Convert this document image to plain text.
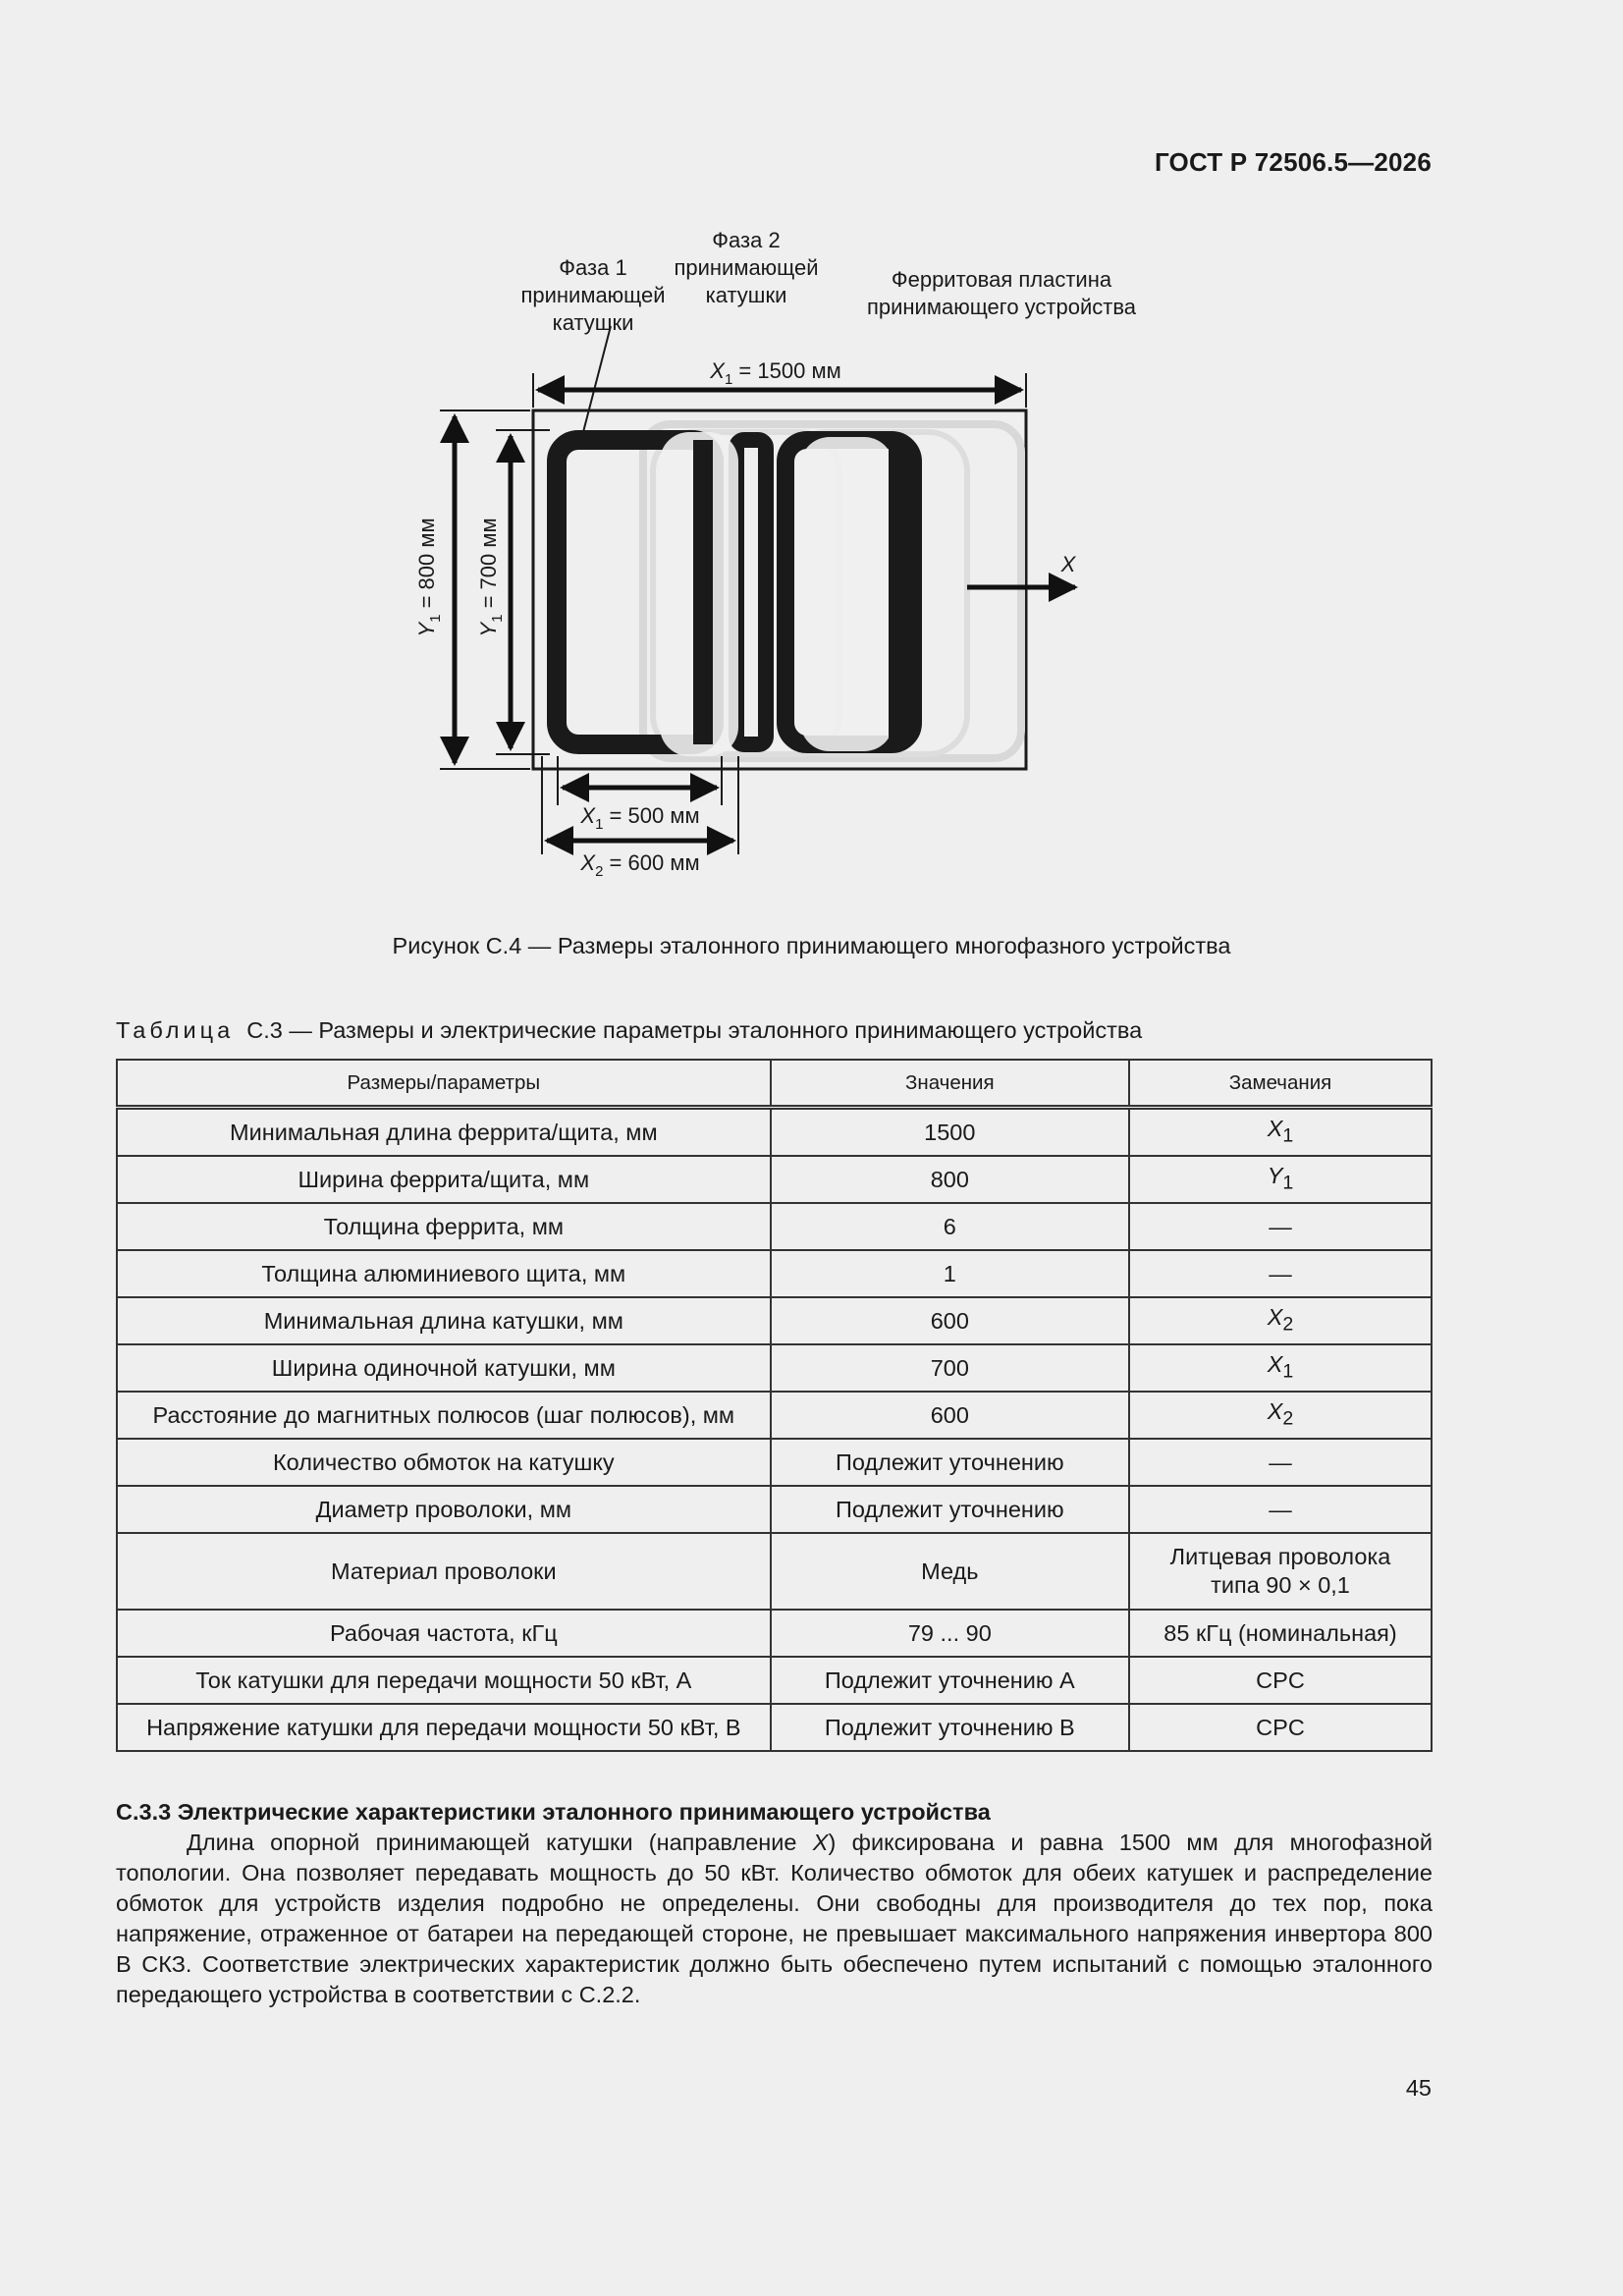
ГОСТ Р 72506.5—2026
Фаза 1 принимающей катушки
Фаза 2 принимающей катушки
Ферритовая пластина принимающего устройства
$X_1 = 1500$ мм
$X_1 = 500$ мм
$X_2 = 600$ мм
$Y_1 = 800$ мм
$Y_1 = 700$ мм	X
Рисунок С.4 — Размеры эталонного принимающего многофазного устройства
Таблица С.3 — Размеры и электрические параметры эталонного принимающего устройства
Размеры/параметры	Значения	Замечания
Минимальная длина феррита/щита, мм	1500	$X_1$
Ширина феррита/щита, мм	800	$Y_1$
Толщина феррита, мм	6	—
Толщина алюминиевого щита, мм	1	—
Минимальная длина катушки, мм	600	$X_2$
Ширина одиночной катушки, мм	700	$X_1$
Расстояние до магнитных полюсов (шаг полюсов), мм	600	$X_2$
Количество обмоток на катушку	Подлежит уточнению	—
Диаметр проволоки, мм	Подлежит уточнению	—
Материал проволоки	Медь	Литцевая проволока
типа 90 × 0,1
Рабочая частота, кГц	79 ... 90	85 кГц (номинальная)
Ток катушки для передачи мощности 50 кВт, А	Подлежит уточнению А	CPC
Напряжение катушки для передачи мощности 50 кВт, В	Подлежит уточнению В	CPC
С.3.3 Электрические характеристики эталонного принимающего устройства

Длина опорной принимающей катушки (направление X) фиксирована и равна 1500 мм для многофазной топологии. Она позволяет передавать мощность до 50 кВт. Количество обмоток для обеих катушек и распределение обмоток для устройств изделия подробно не определены. Они свободны для производителя до тех пор, пока напряжение, отраженное от батареи на передающей стороне, не превышает максимального напряжения инвертора 800 В СКЗ. Соответствие электрических характеристик должно быть обеспечено путем испытаний с помощью эталонного передающего устройства в соответствии с С.2.2.

45
